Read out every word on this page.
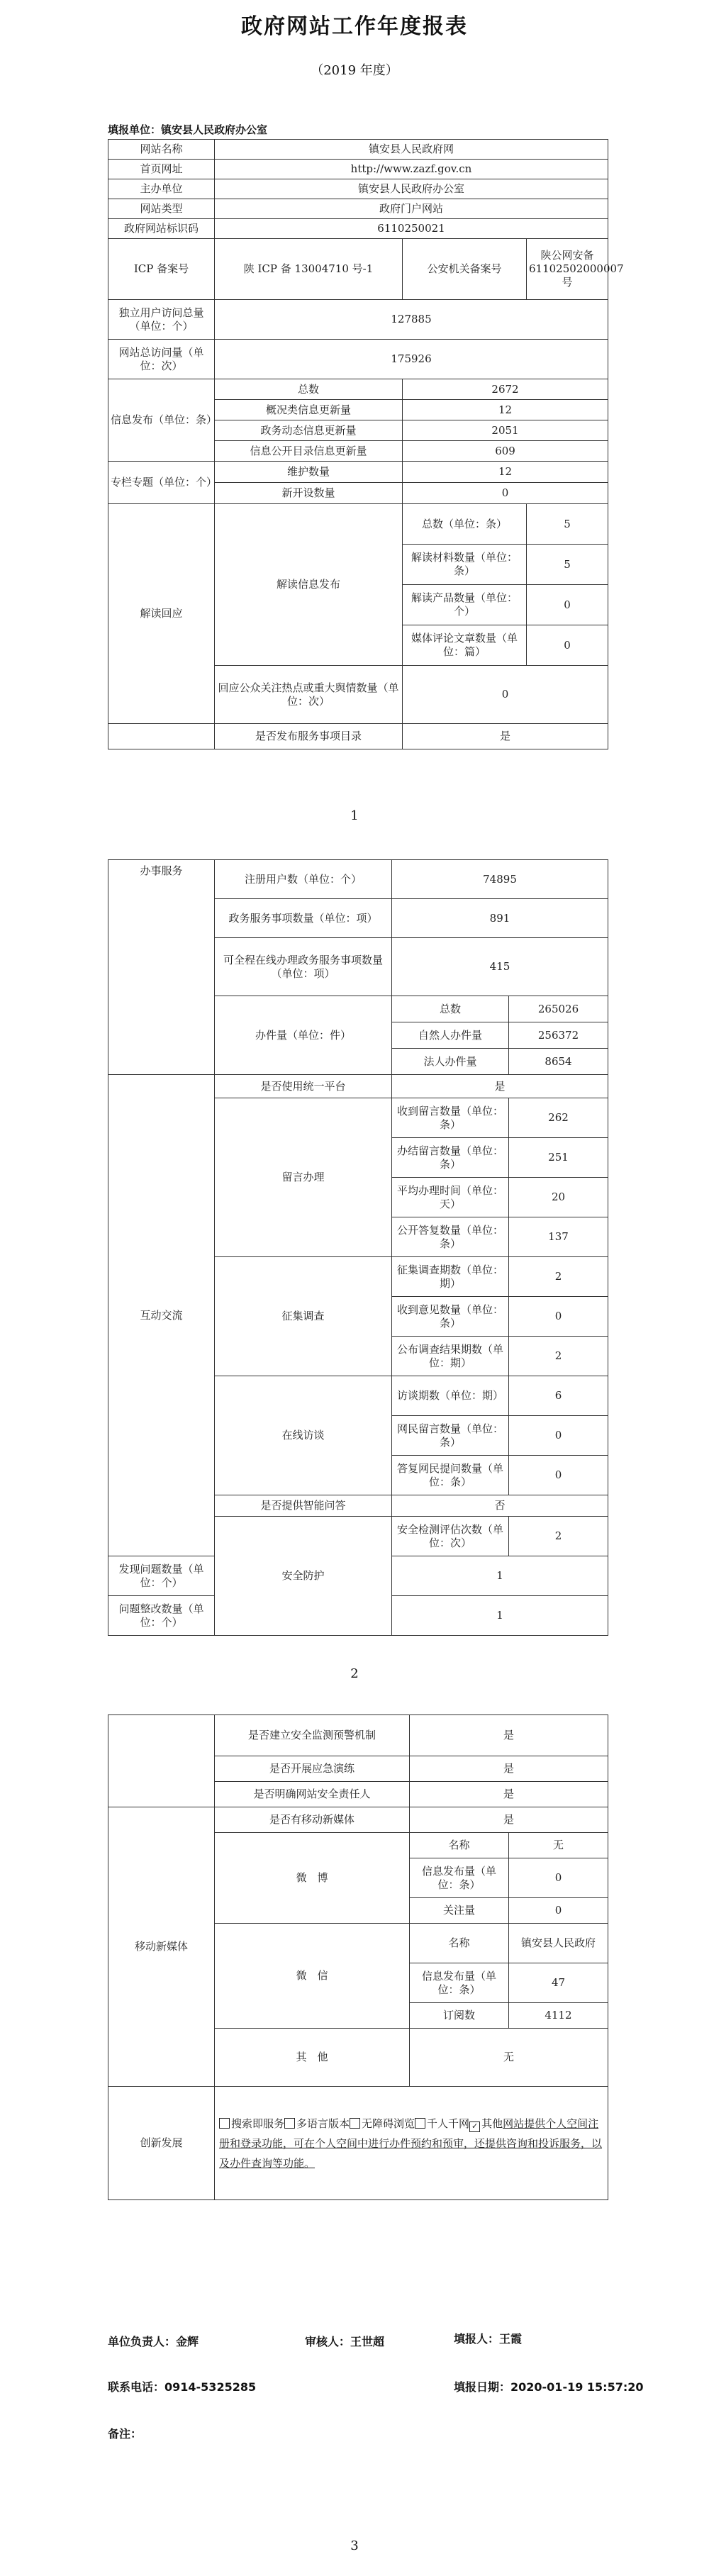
政府网站工作年度报表
（2019 年度）
填报单位：镇安县人民政府办公室
网站名称	镇安县人民政府网		
首页网址	http://www.zazf.gov.cn		
主办单位	镇安县人民政府办公室		
网站类型	政府门户网站		
政府网站标识码	6110250021		
ICP 备案号	陕 ICP 备 13004710 号-1	公安机关备案号	陕公网安备 61102502000007 号
独立用户访问总量（单位：个）	127885		
网站总访问量（单位：次）	175926		
信息发布（单位：条）	总数	2672	
	概况类信息更新量	12	
	政务动态信息更新量	2051	
	信息公开目录信息更新量	609	
专栏专题（单位：个）	维护数量	12	
	新开设数量	0	
解读回应	解读信息发布	总数（单位：条）	5
		解读材料数量（单位：条）	5
		解读产品数量（单位：个）	0
		媒体评论文章数量（单位：篇）	0
	回应公众关注热点或重大舆情数量（单位：次）	0	
	是否发布服务事项目录	是	
1
办事服务	注册用户数（单位：个）	74895	
	政务服务事项数量（单位：项）	891	
	可全程在线办理政务服务事项数量（单位：项）	415	
	办件量（单位：件）	总数	265026
		自然人办件量	256372
		法人办件量	8654
互动交流	是否使用统一平台	是	
	留言办理	收到留言数量（单位：条）	262
		办结留言数量（单位：条）	251
		平均办理时间（单位：天）	20
		公开答复数量（单位：条）	137
	征集调查	征集调查期数（单位：期）	2
		收到意见数量（单位：条）	0
		公布调查结果期数（单位：期）	2
	在线访谈	访谈期数（单位：期）	6
		网民留言数量（单位：条）	0
		答复网民提问数量（单位：条）	0
	是否提供智能问答	否	
	安全防护	安全检测评估次数（单位：次）	2
发现问题数量（单位：个）		1	
问题整改数量（单位：个）		1	
2
	是否建立安全监测预警机制	是	
	是否开展应急演练	是	
	是否明确网站安全责任人	是	
移动新媒体	是否有移动新媒体	是	
	微　博	名称	无
		信息发布量（单位：条）	0
		关注量	0
	微　信	名称	镇安县人民政府
		信息发布量（单位：条）	47
		订阅数	4112
	其　他	无	
创新发展	搜索即服务 多语言版本 无障碍浏览 千人千网 ✓ 其他网站提供个人空间注册和登录功能，可在个人空间中进行办件预约和预审，还提供咨询和投诉服务，以及办件查询等功能。		
单位负责人：金辉	审核人：王世超	填报人：王霞
联系电话：0914-5325285	填报日期：2020-01-19 15:57:20
备注：
3
